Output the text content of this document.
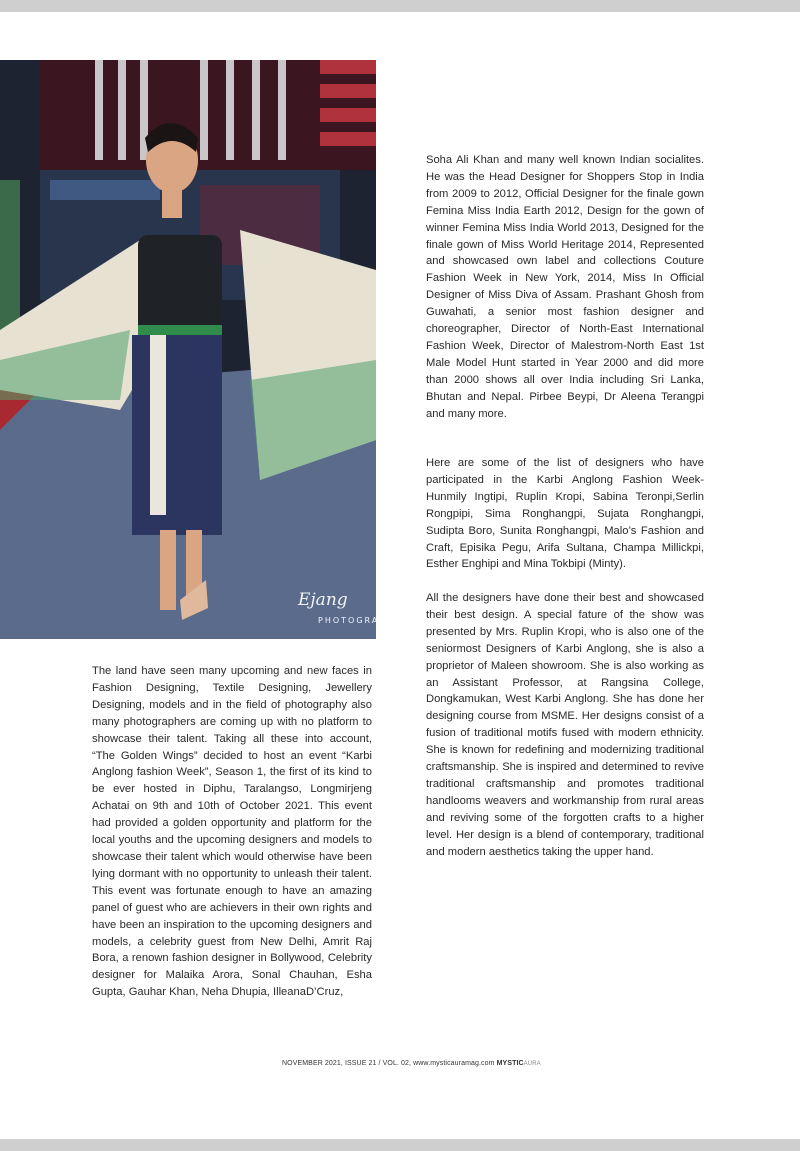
Ejang
PHOTOGRA

The land have seen many upcoming and new faces in Fashion Designing, Textile Designing, Jewellery Designing, models and in the field of photography also many photographers are coming up with no platform to showcase their talent. Taking all these into account, “The Golden Wings” decided to host an event “Karbi Anglong fashion Week”, Season 1, the first of its kind to be ever hosted in Diphu, Taralangso, Longmirjeng Achatai on 9th and 10th of October 2021. This event had provided a golden opportunity and platform for the local youths and the upcoming designers and models to showcase their talent which would otherwise have been lying dormant with no opportunity to unleash their talent. This event was fortunate enough to have an amazing panel of guest who are achievers in their own rights and have been an inspiration to the upcoming designers and models, a celebrity guest from New Delhi, Amrit Raj Bora, a renown fashion designer in Bollywood, Celebrity designer for Malaika Arora, Sonal Chauhan, Esha Gupta, Gauhar Khan, Neha Dhupia, IlleanaD’Cruz,

Soha Ali Khan and many well known Indian socialites. He was the Head Designer for Shoppers Stop in India from 2009 to 2012, Official Designer for the finale gown Femina Miss India Earth 2012, Design for the gown of winner Femina Miss India World 2013, Designed for the finale gown of Miss World Heritage 2014, Represented and showcased own label and collections Couture Fashion Week in New York, 2014, Miss In Official Designer of Miss Diva of Assam. Prashant Ghosh from Guwahati, a senior most fashion designer and choreographer, Director of North-East International Fashion Week, Director of Malestrom-North East 1st Male Model Hunt started in Year 2000 and did more than 2000 shows all over India including Sri Lanka, Bhutan and Nepal. Pirbee Beypi, Dr Aleena Terangpi and many more.

Here are some of the list of designers who have participated in the Karbi Anglong Fashion Week- Hunmily Ingtipi, Ruplin Kropi, Sabina Teronpi,Serlin Rongpipi, Sima Ronghangpi, Sujata Ronghangpi, Sudipta Boro, Sunita Ronghangpi, Malo’s Fashion and Craft, Episika Pegu, Arifa Sultana, Champa Millickpi, Esther Enghipi and Mina Tokbipi (Minty).

All the designers have done their best and showcased their best design. A special fature of the show was presented by Mrs. Ruplin Kropi, who is also one of the seniormost Designers of Karbi Anglong, she is also a proprietor of Maleen showroom. She is also working as an Assistant Professor, at Rangsina College, Dongkamukan, West Karbi Anglong. She has done her designing course from MSME. Her designs consist of a fusion of traditional motifs fused with modern ethnicity. She is known for redefining and modernizing traditional craftsmanship. She is inspired and determined to revive traditional craftsmanship and promotes traditional handlooms weavers and workmanship from rural areas and reviving some of the forgotten crafts to a higher level. Her design is a blend of contemporary, traditional and modern aesthetics taking the upper hand.

NOVEMBER 2021, ISSUE 21 / VOL. 02, www.mysticauramag.com MYSTICAURA
